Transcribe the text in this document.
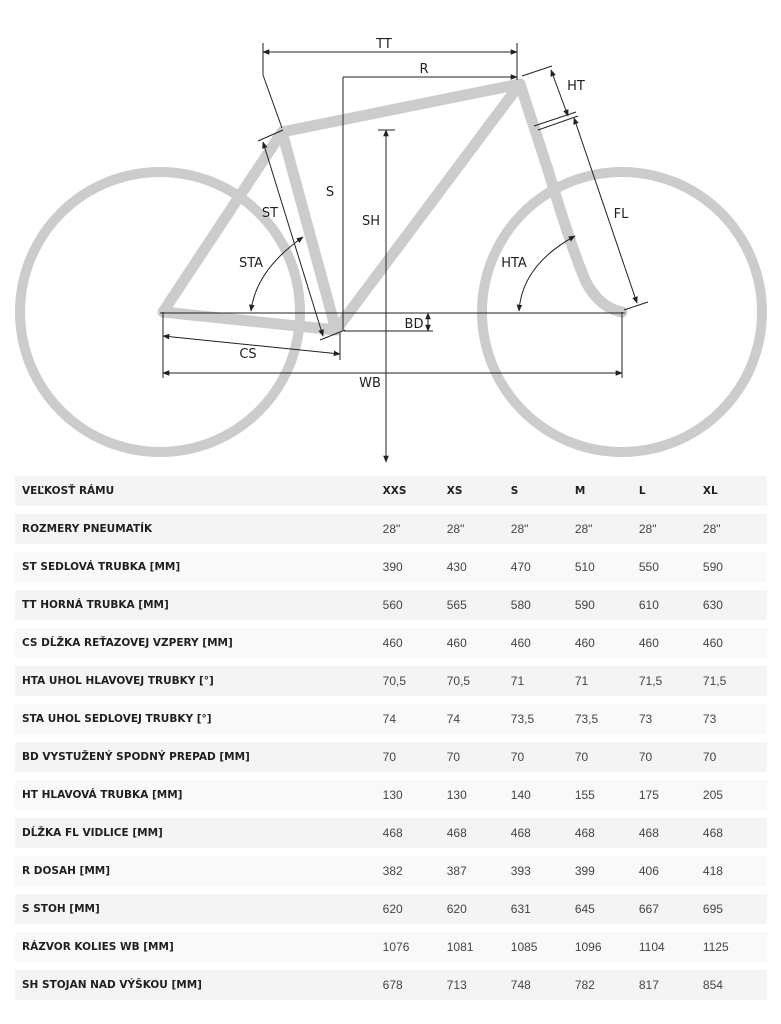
TT
R
HT
S
ST
SH	FL
STA	HTA
BD
CS
WB
VEĽKOSŤ RÁMU	XXS	XS	S	M	L	XL
ROZMERY PNEUMATÍK	28"	28"	28"	28"	28"	28"
ST SEDLOVÁ TRUBKA [MM]	390	430	470	510	550	590
TT HORNÁ TRUBKA [MM]	560	565	580	590	610	630
CS DĹŽKA REŤAZOVEJ VZPERY [MM]	460	460	460	460	460	460
HTA UHOL HLAVOVEJ TRUBKY [°]	70,5	70,5	71	71	71,5	71,5
STA UHOL SEDLOVEJ TRUBKY [°]	74	74	73,5	73,5	73	73
BD VYSTUŽENÝ SPODNÝ PREPAD [MM]	70	70	70	70	70	70
HT HLAVOVÁ TRUBKA [MM]	130	130	140	155	175	205
DĹŽKA FL VIDLICE [MM]	468	468	468	468	468	468
R DOSAH [MM]	382	387	393	399	406	418
S STOH [MM]	620	620	631	645	667	695
RÁZVOR KOLIES WB [MM]	1076	1081	1085	1096	1104	1125
SH STOJAN NAD VÝŠKOU [MM]	678	713	748	782	817	854
